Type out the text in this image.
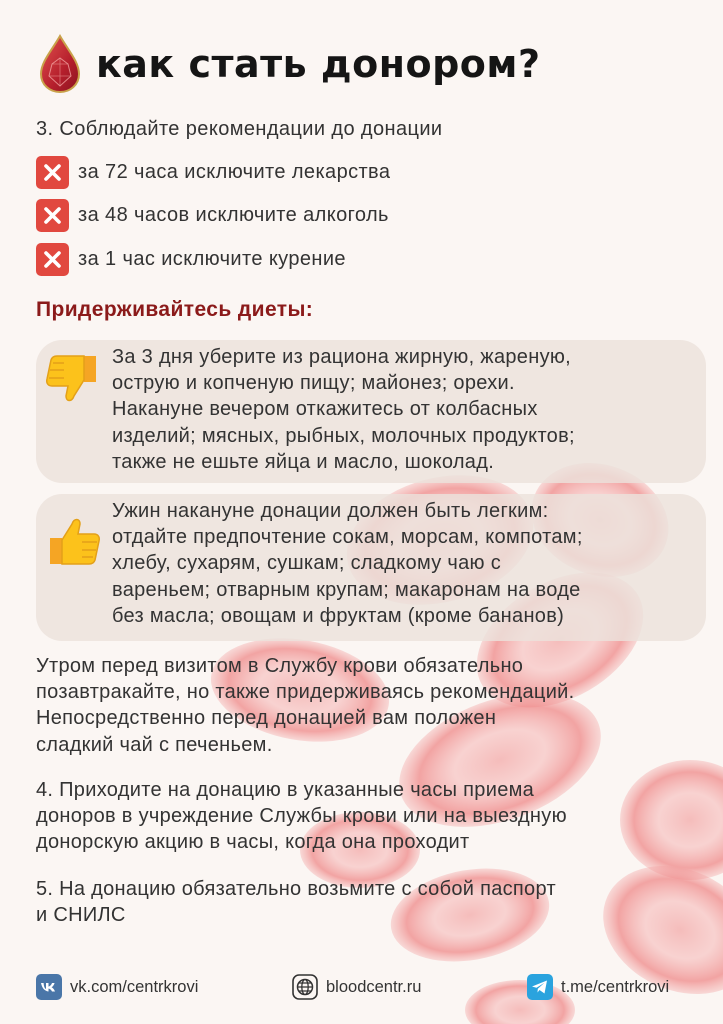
как стать донором?
3. Соблюдайте рекомендации до донации
за 72 часа исключите лекарства
за 48 часов исключите алкоголь
за 1 час исключите курение
Придерживайтесь диеты:
За 3 дня уберите из рациона жирную, жареную,
острую и копченую пищу; майонез; орехи.
Накануне вечером откажитесь от колбасных
изделий; мясных, рыбных, молочных продуктов;
также не ешьте яйца и масло, шоколад.
Ужин накануне донации должен быть легким:
отдайте предпочтение сокам, морсам, компотам;
хлебу, сухарям, сушкам; сладкому чаю с
вареньем; отварным крупам; макаронам на воде
без масла; овощам и фруктам (кроме бананов)
Утром перед визитом в Службу крови обязательно
позавтракайте, но также придерживаясь рекомендаций.
Непосредственно перед донацией вам положен
сладкий чай с печеньем.
4. Приходите на донацию в указанные часы приема
доноров в учреждение Службы крови или на выездную
донорскую акцию в часы, когда она проходит
5. На донацию обязательно возьмите с собой паспорт
и СНИЛС
vk.com/centrkrovi	bloodcentr.ru	t.me/centrkrovi
